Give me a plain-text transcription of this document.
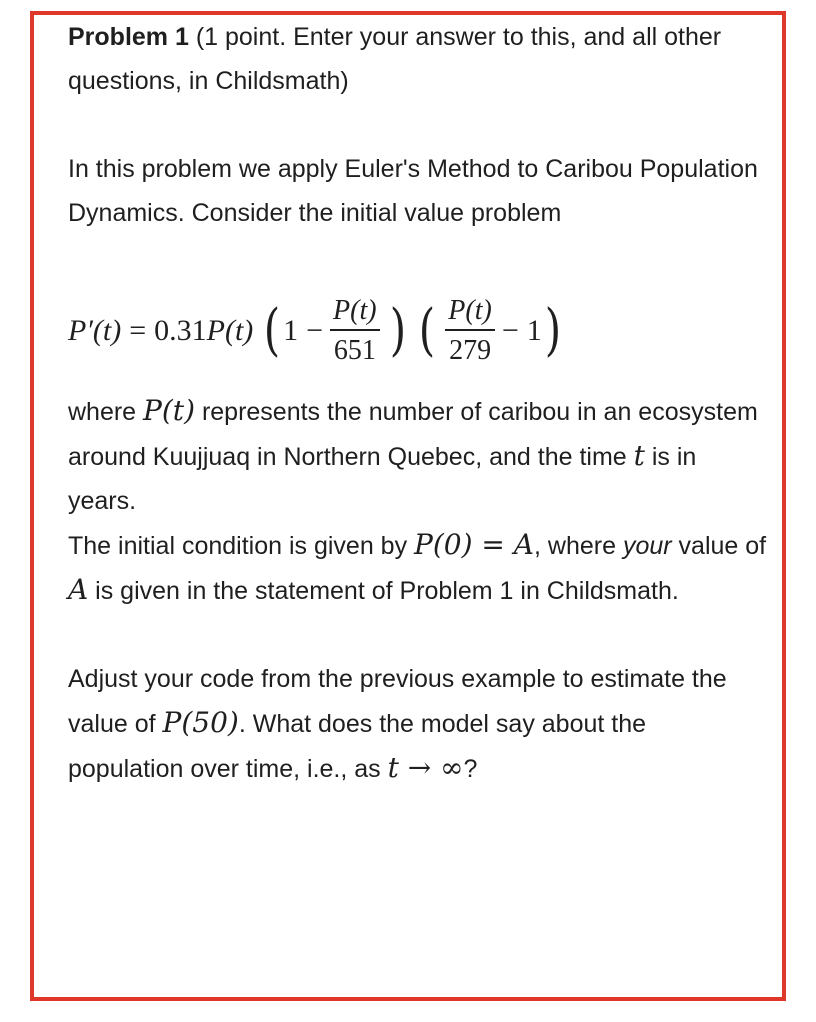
Problem 1 (1 point. Enter your answer to this, and all other questions, in Childsmath)

In this problem we apply Euler's Method to Caribou Population Dynamics. Consider the initial value problem

P′(t) = 0.31 P(t) ( $1 - \frac{P(t)}{651}$ ) ( $\frac{P(t)}{279} - 1$ )

where P(t) represents the number of caribou in an ecosystem around Kuujjuaq in Northern Quebec, and the time t is in years.
The initial condition is given by P(0) = A, where your value of A is given in the statement of Problem 1 in Childsmath.

Adjust your code from the previous example to estimate the value of P(50). What does the model say about the population over time, i.e., as t → ∞?
